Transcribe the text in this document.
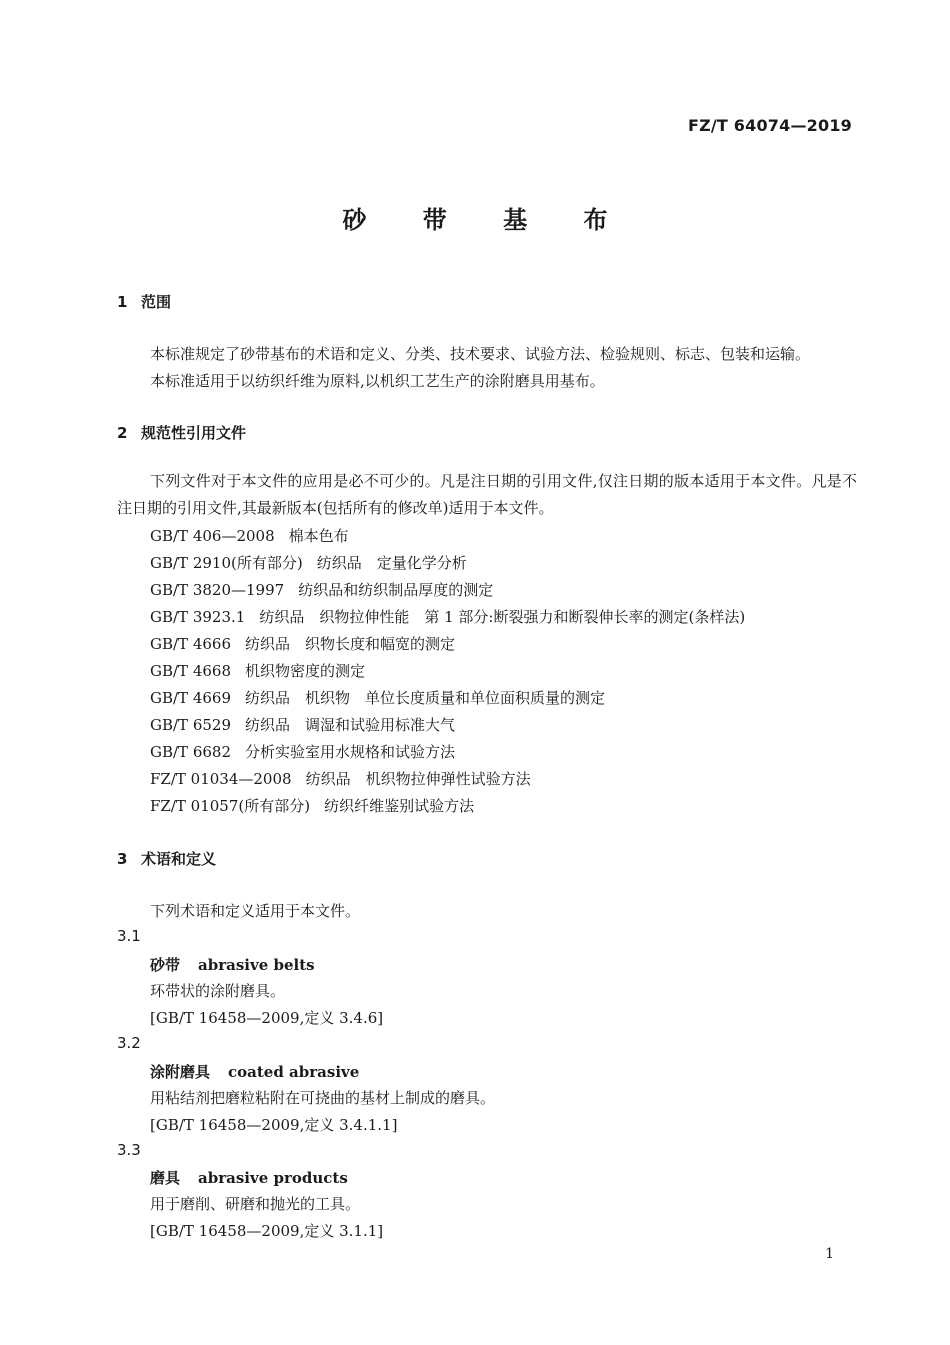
FZ/T 64074—2019
砂 带 基 布
1 范围
本标准规定了砂带基布的术语和定义、分类、技术要求、试验方法、检验规则、标志、包装和运输。
本标准适用于以纺织纤维为原料,以机织工艺生产的涂附磨具用基布。
2 规范性引用文件
下列文件对于本文件的应用是必不可少的。凡是注日期的引用文件,仅注日期的版本适用于本文件。凡是不注日期的引用文件,其最新版本(包括所有的修改单)适用于本文件。
GB/T 406—2008 棉本色布
GB/T 2910(所有部分) 纺织品　定量化学分析
GB/T 3820—1997 纺织品和纺织制品厚度的测定
GB/T 3923.1 纺织品　织物拉伸性能　第 1 部分:断裂强力和断裂伸长率的测定(条样法)
GB/T 4666 纺织品　织物长度和幅宽的测定
GB/T 4668 机织物密度的测定
GB/T 4669 纺织品　机织物　单位长度质量和单位面积质量的测定
GB/T 6529 纺织品　调湿和试验用标准大气
GB/T 6682 分析实验室用水规格和试验方法
FZ/T 01034—2008 纺织品　机织物拉伸弹性试验方法
FZ/T 01057(所有部分) 纺织纤维鉴别试验方法
3 术语和定义
下列术语和定义适用于本文件。
3.1
砂带 abrasive belts
环带状的涂附磨具。
[GB/T 16458—2009,定义 3.4.6]
3.2
涂附磨具 coated abrasive
用粘结剂把磨粒粘附在可挠曲的基材上制成的磨具。
[GB/T 16458—2009,定义 3.4.1.1]
3.3
磨具 abrasive products
用于磨削、研磨和抛光的工具。
[GB/T 16458—2009,定义 3.1.1]
1
